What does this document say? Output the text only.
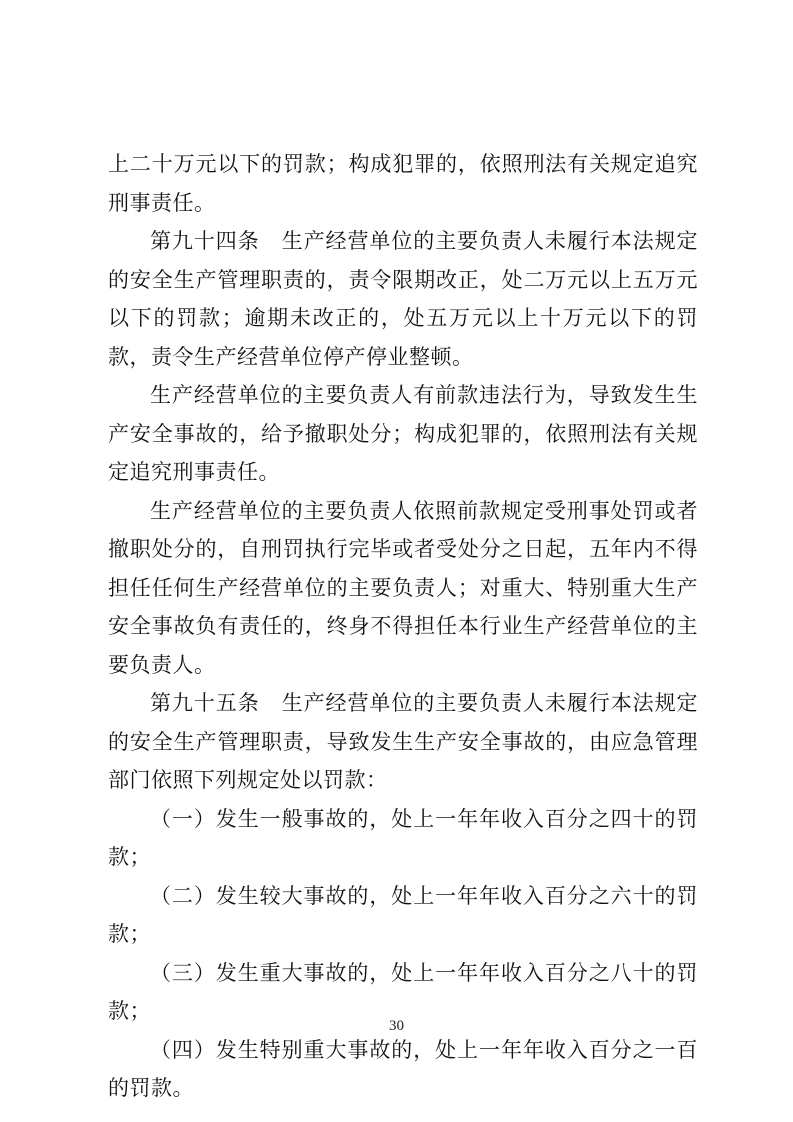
上二十万元以下的罚款；构成犯罪的，依照刑法有关规定追究刑事责任。

第九十四条 生产经营单位的主要负责人未履行本法规定的安全生产管理职责的，责令限期改正，处二万元以上五万元以下的罚款；逾期未改正的，处五万元以上十万元以下的罚款，责令生产经营单位停产停业整顿。

生产经营单位的主要负责人有前款违法行为，导致发生生产安全事故的，给予撤职处分；构成犯罪的，依照刑法有关规定追究刑事责任。

生产经营单位的主要负责人依照前款规定受刑事处罚或者撤职处分的，自刑罚执行完毕或者受处分之日起，五年内不得担任任何生产经营单位的主要负责人；对重大、特别重大生产安全事故负有责任的，终身不得担任本行业生产经营单位的主要负责人。

第九十五条 生产经营单位的主要负责人未履行本法规定的安全生产管理职责，导致发生生产安全事故的，由应急管理部门依照下列规定处以罚款：

（一）发生一般事故的，处上一年年收入百分之四十的罚款；

（二）发生较大事故的，处上一年年收入百分之六十的罚款；

（三）发生重大事故的，处上一年年收入百分之八十的罚款；

（四）发生特别重大事故的，处上一年年收入百分之一百的罚款。

30
